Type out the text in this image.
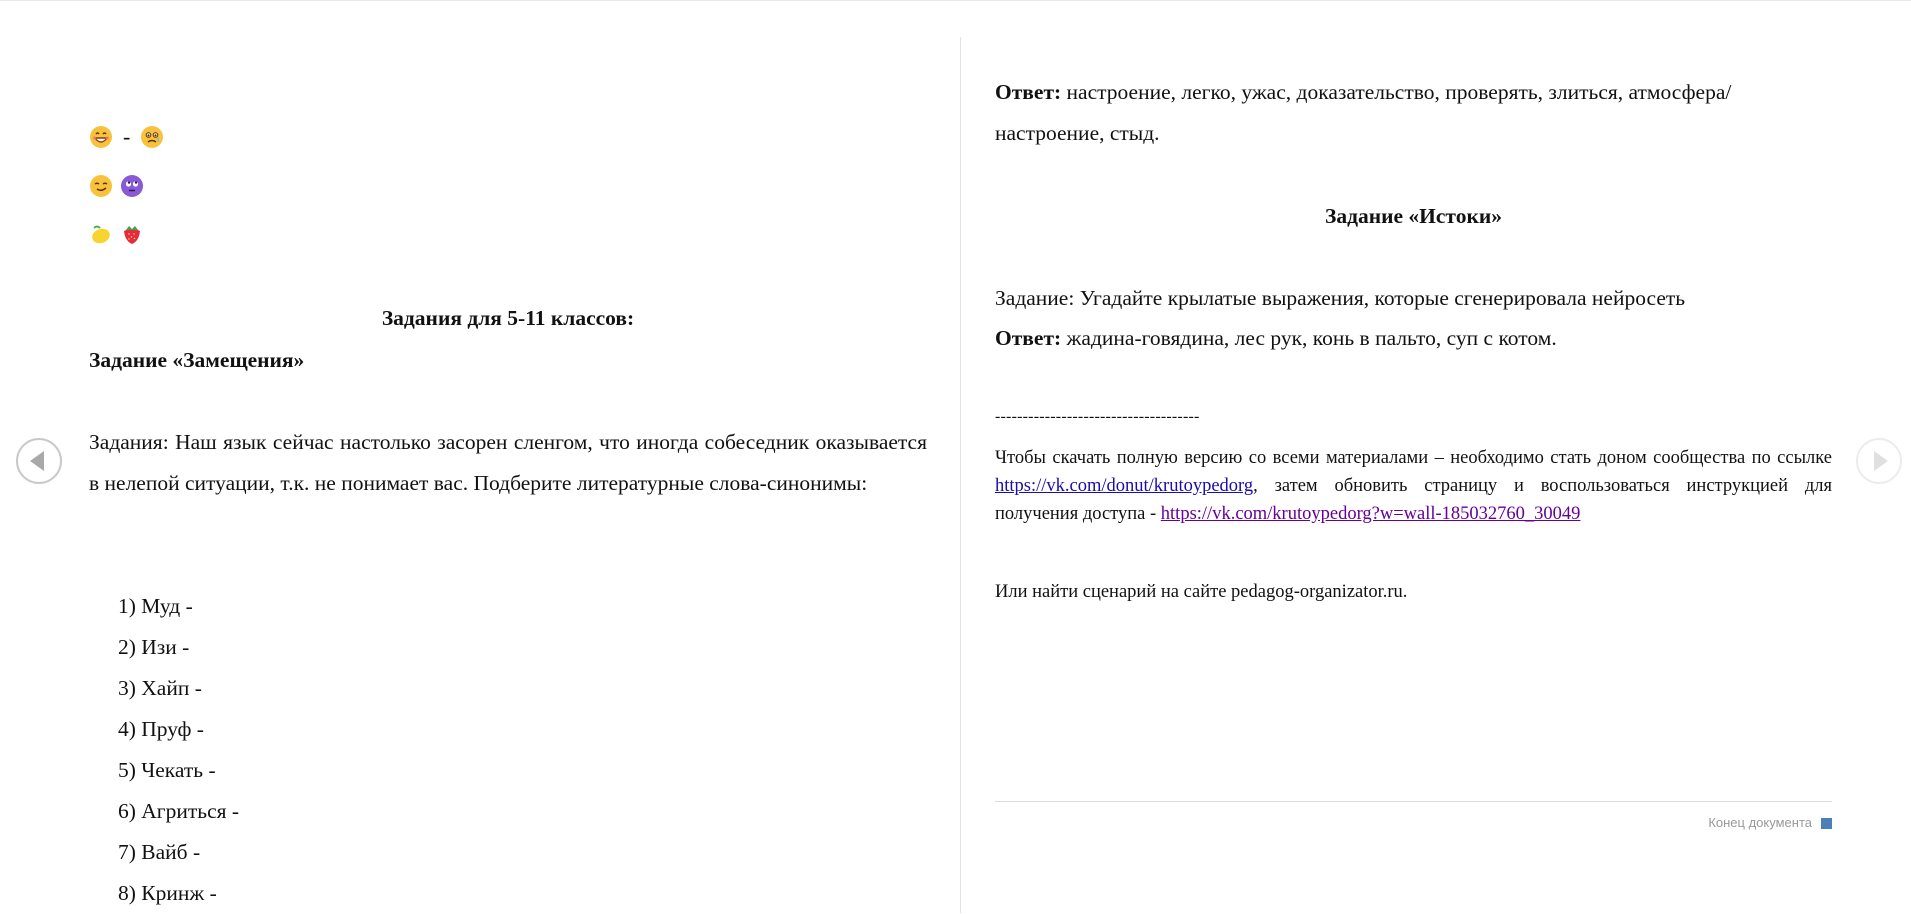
-
Задания для 5-11 классов:
Задание «Замещения»
Задания: Наш язык сейчас настолько засорен сленгом, что иногда собеседник оказывается в нелепой ситуации, т.к. не понимает вас. Подберите литературные слова-синонимы:
1) Муд -
2) Изи -
3) Хайп -
4) Пруф -
5) Чекать -
6) Агриться -
7) Вайб -
8) Кринж -
Ответ: настроение, легко, ужас, доказательство, проверять, злиться, атмосфера/настроение, стыд.
Задание «Истоки»
Задание: Угадайте крылатые выражения, которые сгенерировала нейросеть
Ответ: жадина-говядина, лес рук, конь в пальто, суп с котом.
-------------------------------------
Чтобы скачать полную версию со всеми материалами – необходимо стать доном сообщества по ссылке https://vk.com/donut/krutoypedorg, затем обновить страницу и воспользоваться инструкцией для получения доступа - https://vk.com/krutoypedorg?w=wall-185032760_30049
Или найти сценарий на сайте pedagog-organizator.ru.
Конец документа
